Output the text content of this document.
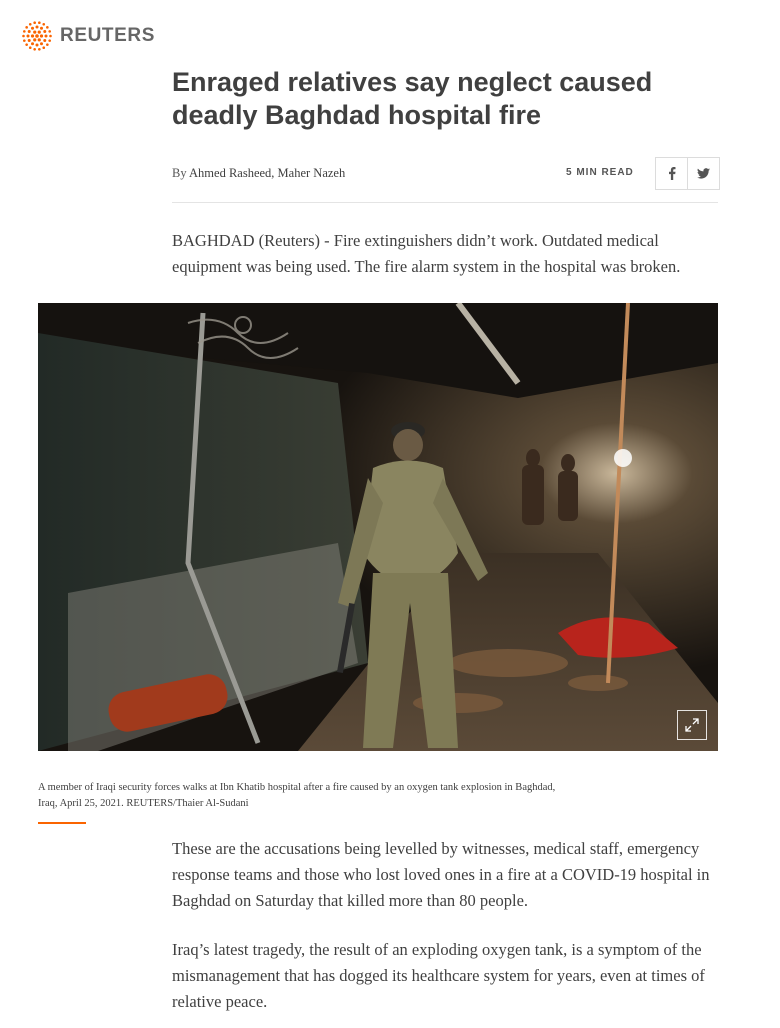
REUTERS
Enraged relatives say neglect caused deadly Baghdad hospital fire
By Ahmed Rasheed, Maher Nazeh	5 MIN READ

BAGHDAD (Reuters) - Fire extinguishers didn’t work. Outdated medical equipment was being used. The fire alarm system in the hospital was broken.

A member of Iraqi security forces walks at Ibn Khatib hospital after a fire caused by an oxygen tank explosion in Baghdad, Iraq, April 25, 2021. REUTERS/Thaier Al-Sudani

These are the accusations being levelled by witnesses, medical staff, emergency response teams and those who lost loved ones in a fire at a COVID-19 hospital in Baghdad on Saturday that killed more than 80 people.

Iraq’s latest tragedy, the result of an exploding oxygen tank, is a symptom of the mismanagement that has dogged its healthcare system for years, even at times of relative peace.
